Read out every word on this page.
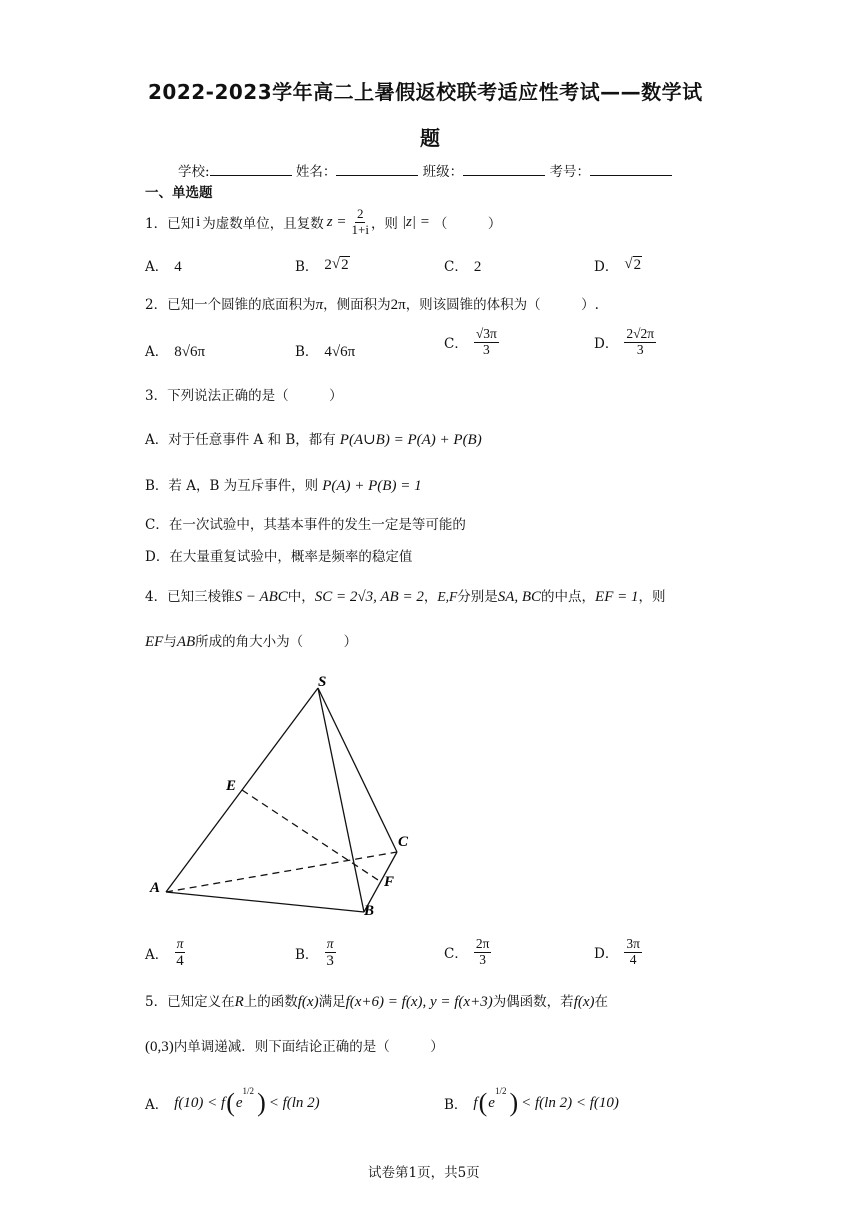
2022-2023学年高二上暑假返校联考适应性考试——数学试
题
学校:	姓名：	班级：	考号：
一、单选题
1． 已知 i 为虚数单位，且复数 $z = \frac{2}{1+i}$ ，则 |z| = （　　　）
A． 4	B． 2 √ 2	C． 2	D． √ 2
2．已知一个圆锥的底面积为π，侧面积为2π，则该圆锥的体积为（　　　）.
A． 8√6π	B． 4√6π	C． $\frac{√3\pi}{3}$	D． $\frac{2√2\pi}{3}$
3．下列说法正确的是（　　　）
A．对于任意事件 A 和 B，都有 P(A∪B) = P(A) + P(B)
B．若 A，B 为互斥事件，则 P(A) + P(B) = 1
C．在一次试验中，其基本事件的发生一定是等可能的
D．在大量重复试验中，概率是频率的稳定值
4．已知三棱锥S − ABC中，SC = 2√3, AB = 2，E,F分别是SA, BC的中点，EF = 1，则
EF与AB所成的角大小为（　　　）
S
E
C
A	F
B
A． $\frac{\pi}{4}$	B． $\frac{\pi}{3}$	C． $\frac{2\pi}{3}$	D． $\frac{3\pi}{4}$
5．已知定义在R上的函数f(x)满足f(x+6) = f(x), y = f(x+3)为偶函数，若f(x)在
(0,3)内单调递减．则下面结论正确的是（　　　）
A． f(10) < f ( e
$^{1/2}$ ) < f(ln 2)	B． f ( e
$^{1/2}$ ) < f(ln 2) < f(10)
试卷第1页，共5页
